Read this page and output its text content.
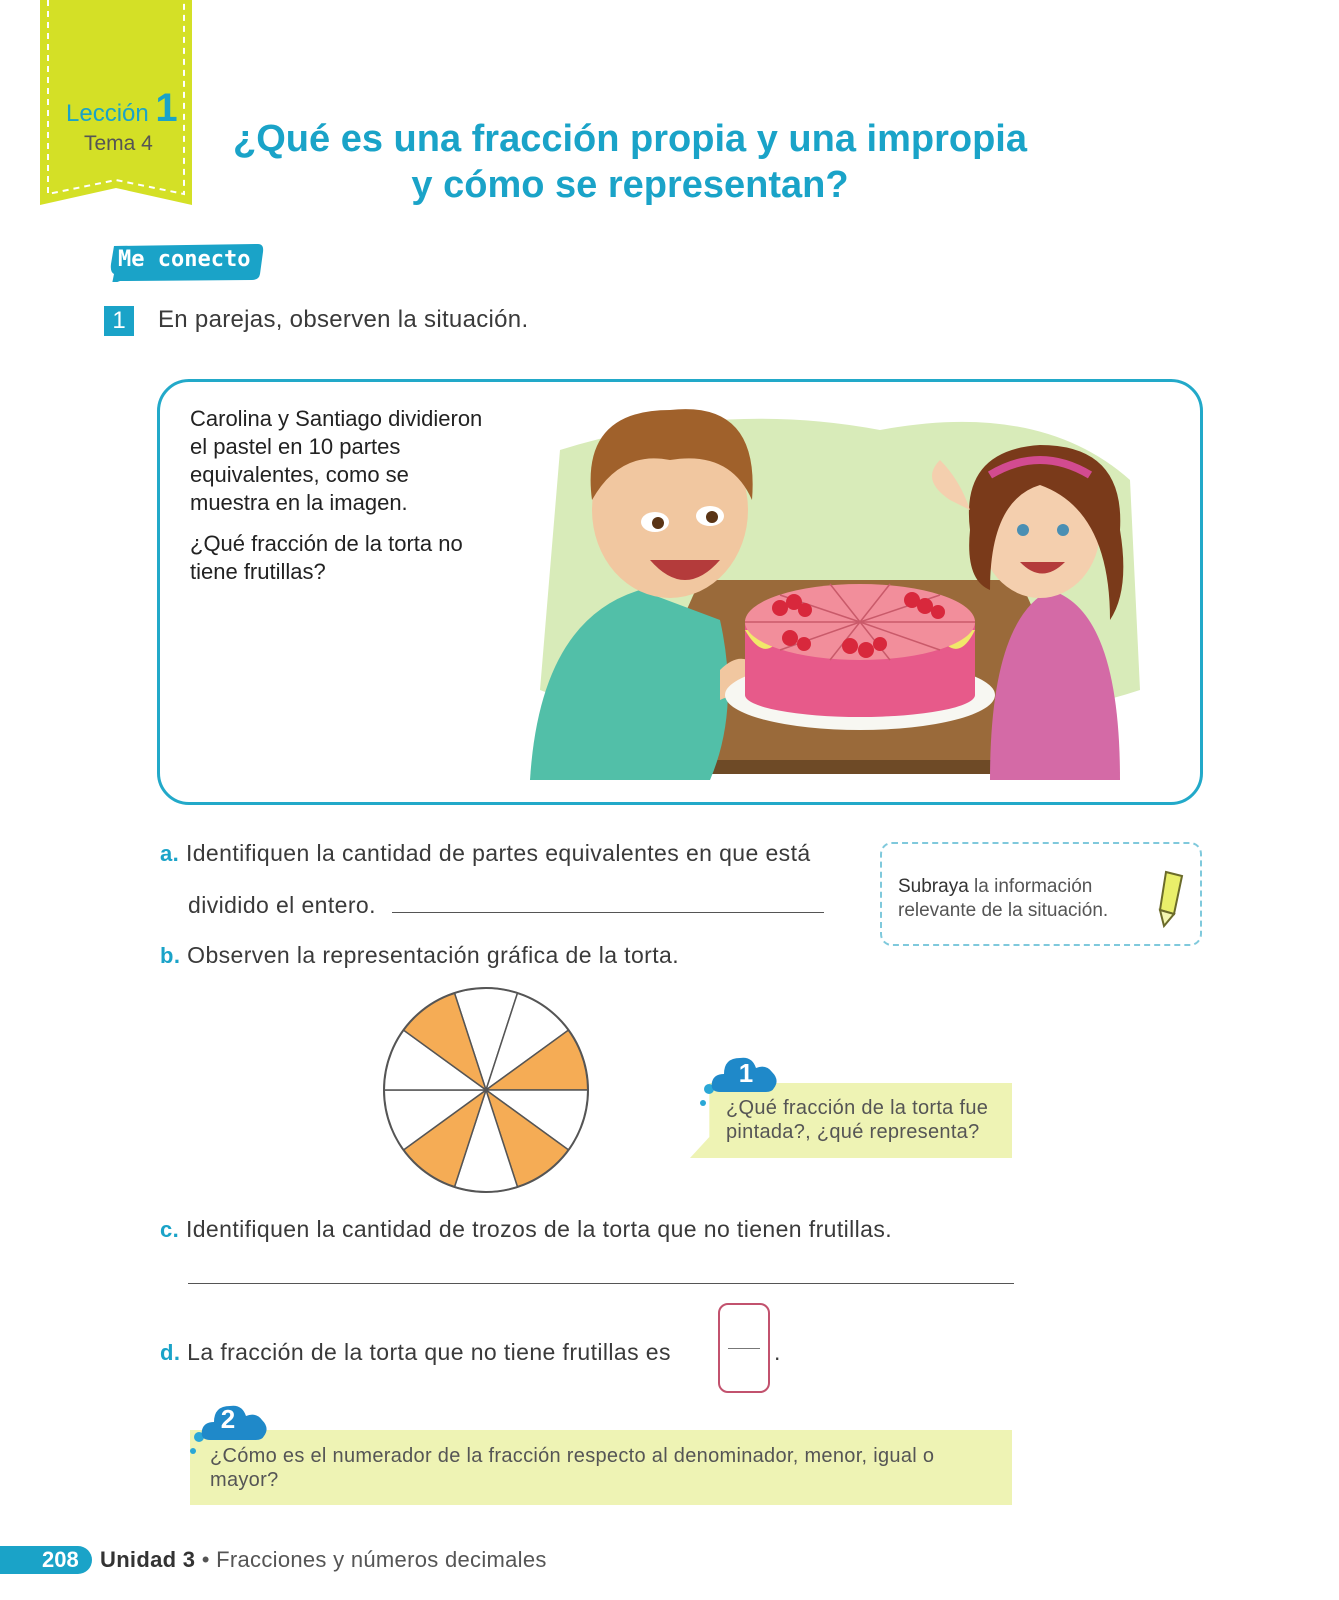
Lección 1
Tema 4	¿Qué es una fracción propia y una impropia
y cómo se representan?
Me conecto
1	En parejas, observen la situación.
Carolina y Santiago dividieron el pastel en 10 partes equivalentes, como se muestra en la imagen.
¿Qué fracción de la torta no tiene frutillas?
a. Identifiquen la cantidad de partes equivalentes en que está
dividido el entero.
Subraya la información relevante de la situación.
b. Observen la representación gráfica de la torta.
1
¿Qué fracción de la torta fue pintada?, ¿qué representa?
c. Identifiquen la cantidad de trozos de la torta que no tienen frutillas.
d. La fracción de la torta que no tiene frutillas es	.
2
¿Cómo es el numerador de la fracción respecto al denominador, menor, igual o mayor?
208 Unidad 3 • Fracciones y números decimales
